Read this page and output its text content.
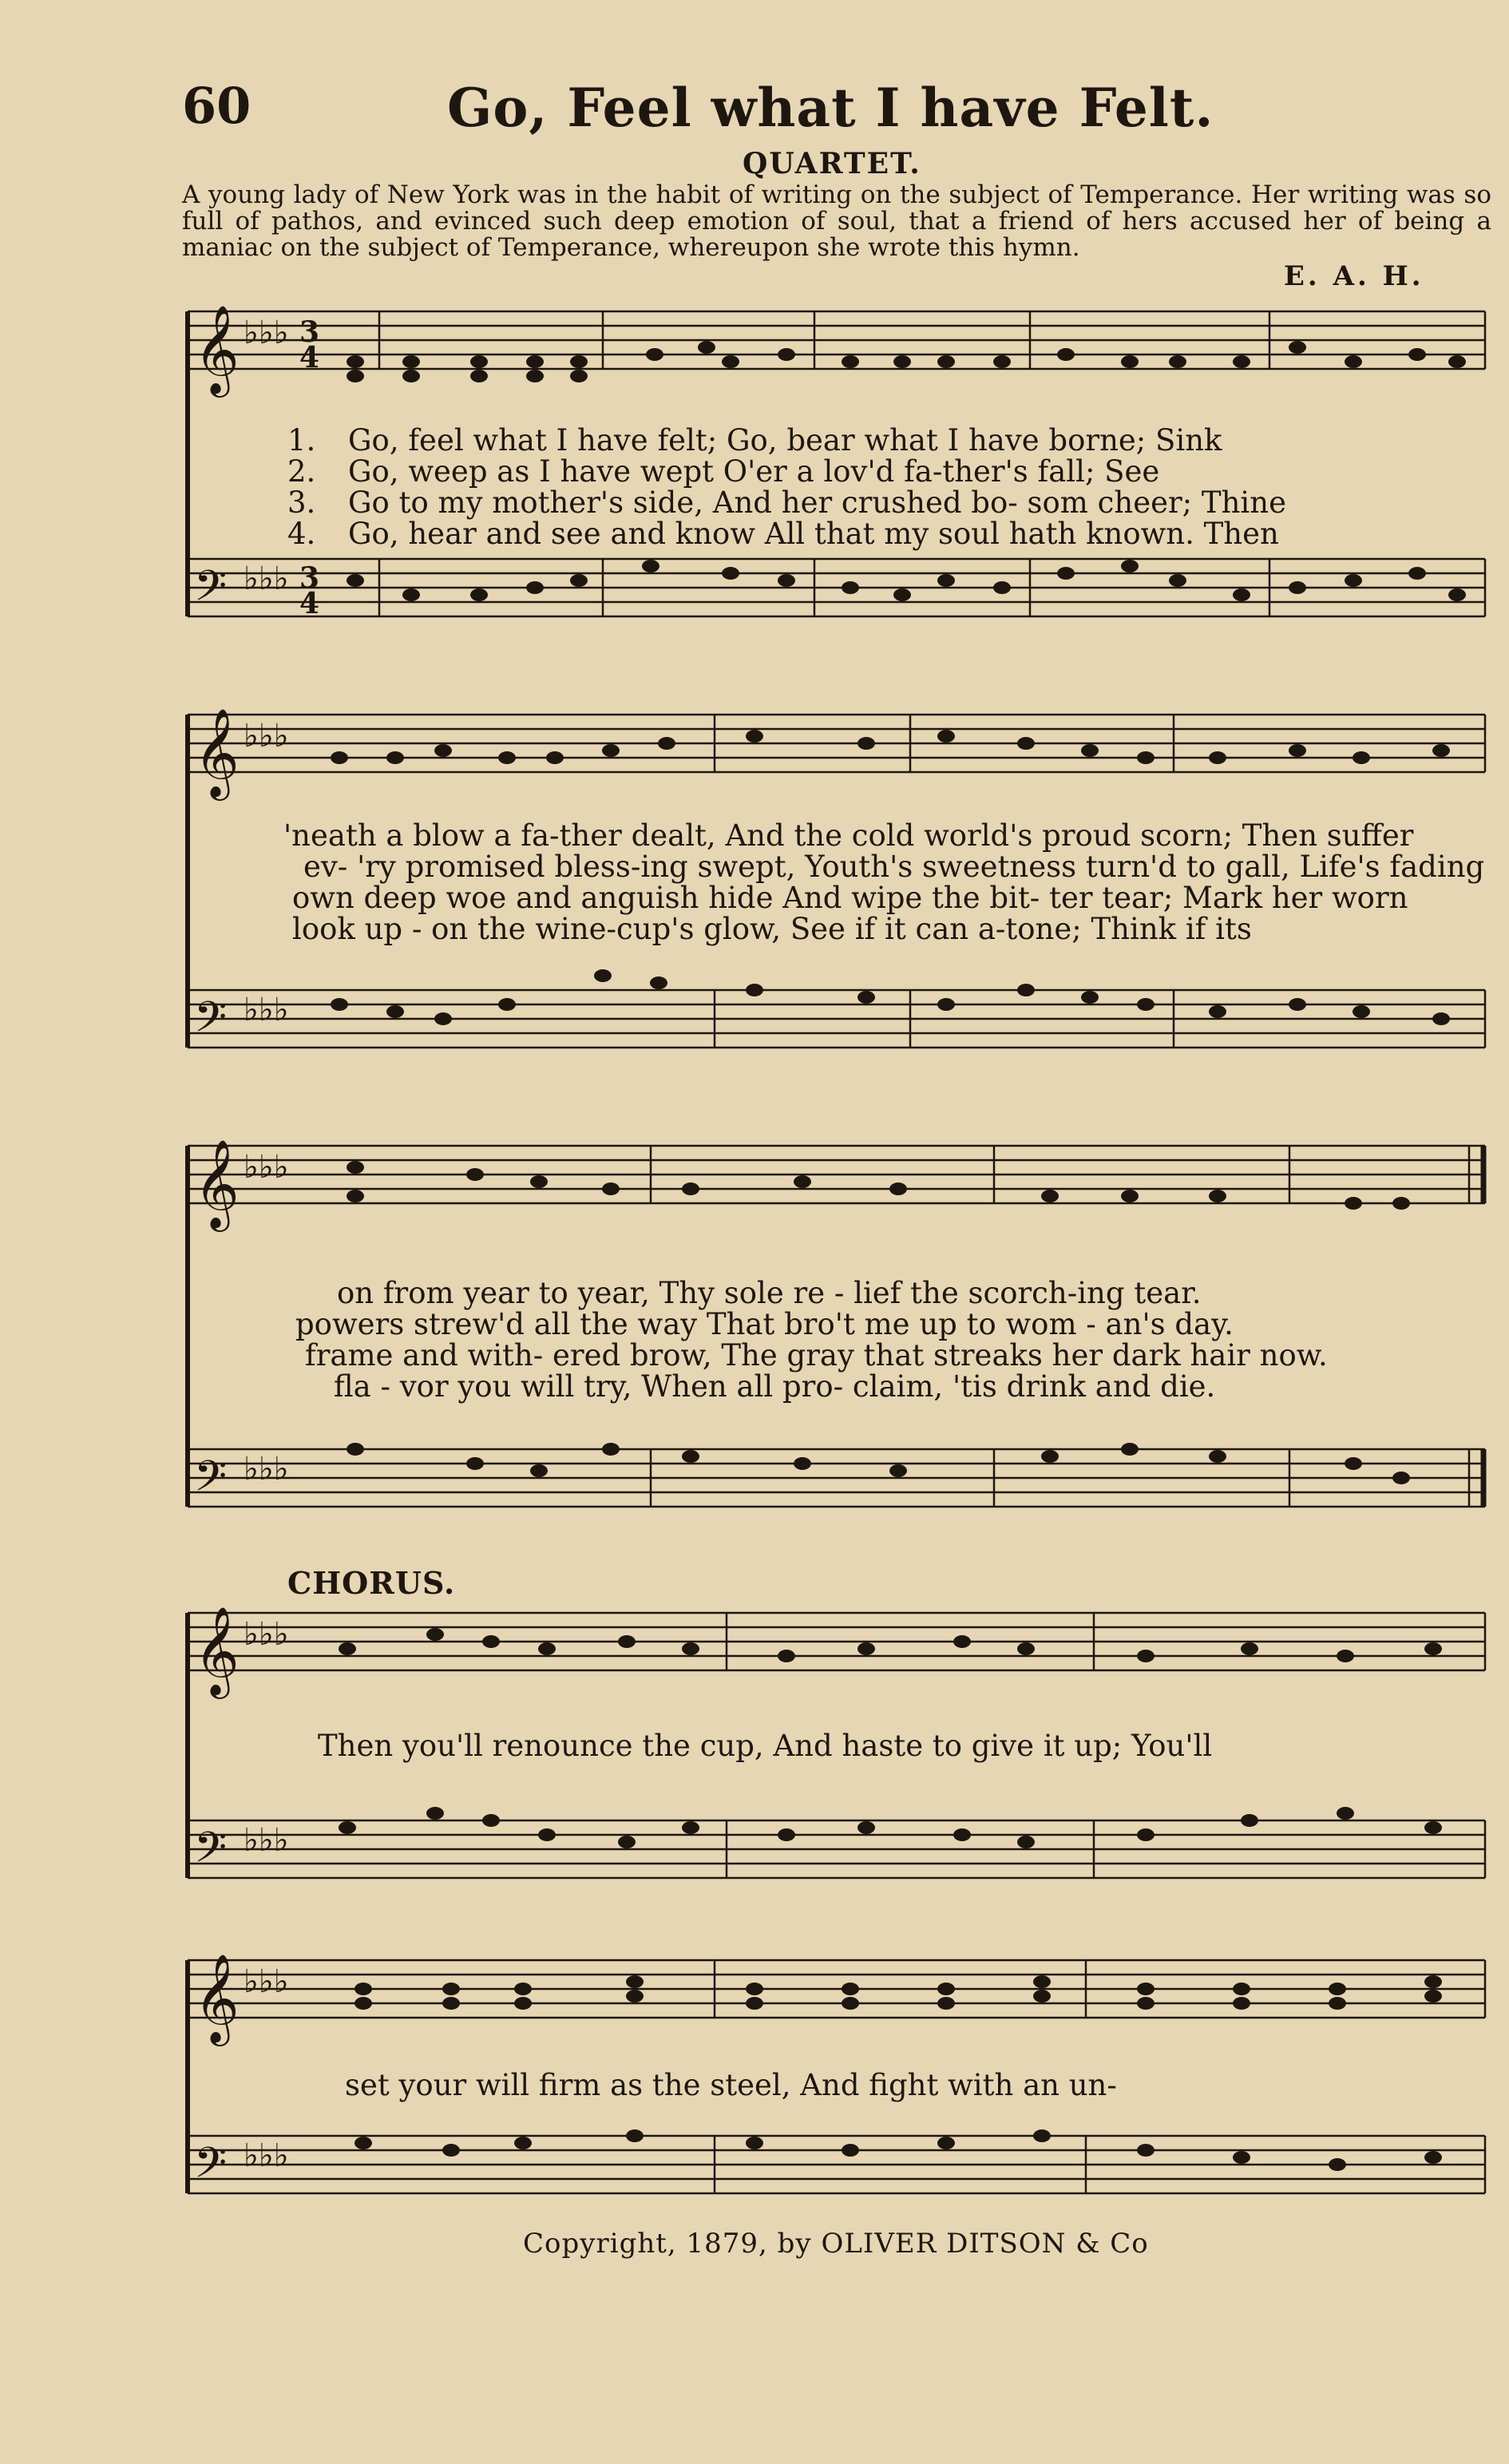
60	Go, Feel what I have Felt.
QUARTET.
A young lady of New York was in the habit of writing on the subject of Temperance. Her writing was so full of pathos, and evinced such deep emotion of soul, that a friend of hers accused her of being a maniac on the subject of Temperance, whereupon she wrote this hymn.
E. A. H.
𝄞
𝄢
♭♭♭
♭♭♭
3
4
3
4
1. Go, feel what I have felt; Go, bear what I have borne; Sink
2. Go, weep as I have wept O'er a lov'd fa-ther's fall; See
3. Go to my mother's side, And her crushed bo- som cheer; Thine
4. Go, hear and see and know All that my soul hath known. Then
𝄞
𝄢
♭♭♭
♭♭♭
'neath a blow a fa-ther dealt, And the cold world's proud scorn; Then suffer
ev- 'ry promised bless-ing swept, Youth's sweetness turn'd to gall, Life's fading
own deep woe and anguish hide And wipe the bit- ter tear; Mark her worn
look up - on the wine-cup's glow, See if it can a-tone; Think if its
𝄞
𝄢
♭♭♭
♭♭♭
on from year to year, Thy sole re - lief the scorch-ing tear.
powers strew'd all the way That bro't me up to wom - an's day.
frame and with- ered brow, The gray that streaks her dark hair now.
fla - vor you will try, When all pro- claim, 'tis drink and die.
CHORUS.
𝄞
𝄢
♭♭♭
♭♭♭
Then you'll renounce the cup, And haste to give it up; You'll
𝄞
𝄢
♭♭♭
♭♭♭
set your will firm as the steel, And fight with an un-
Copyright, 1879, by OLIVER DITSON & Co
